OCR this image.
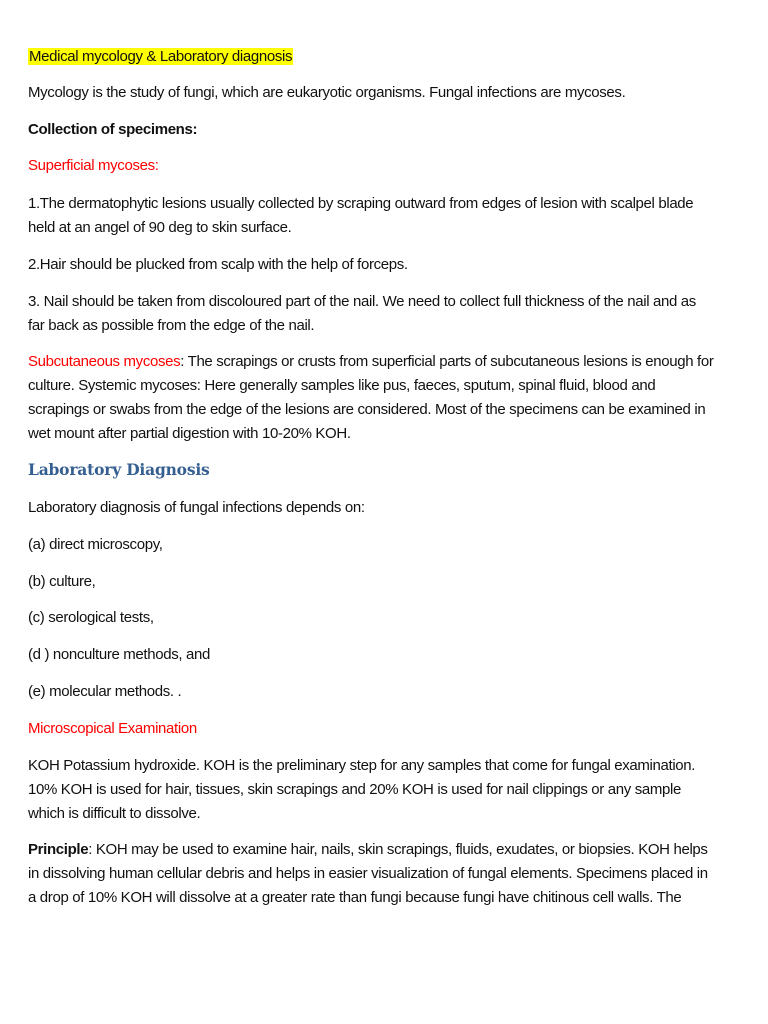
Medical mycology & Laboratory diagnosis
Mycology is the study of fungi, which are eukaryotic organisms. Fungal infections are mycoses.
Collection of specimens:
Superficial mycoses:
1.The dermatophytic lesions usually collected by scraping outward from edges of lesion with scalpel blade
held at an angel of 90 deg to skin surface.
2.Hair should be plucked from scalp with the help of forceps.
3. Nail should be taken from discoloured part of the nail. We need to collect full thickness of the nail and as
far back as possible from the edge of the nail.
Subcutaneous mycoses: The scrapings or crusts from superficial parts of subcutaneous lesions is enough for
culture. Systemic mycoses: Here generally samples like pus, faeces, sputum, spinal fluid, blood and
scrapings or swabs from the edge of the lesions are considered. Most of the specimens can be examined in
wet mount after partial digestion with 10-20% KOH.
Laboratory Diagnosis
Laboratory diagnosis of fungal infections depends on:
(a) direct microscopy,
(b) culture,
(c) serological tests,
(d ) nonculture methods, and
(e) molecular methods. .
Microscopical Examination
KOH Potassium hydroxide. KOH is the preliminary step for any samples that come for fungal examination.
10% KOH is used for hair, tissues, skin scrapings and 20% KOH is used for nail clippings or any sample
which is difficult to dissolve.
Principle: KOH may be used to examine hair, nails, skin scrapings, fluids, exudates, or biopsies. KOH helps
in dissolving human cellular debris and helps in easier visualization of fungal elements. Specimens placed in
a drop of 10% KOH will dissolve at a greater rate than fungi because fungi have chitinous cell walls. The
